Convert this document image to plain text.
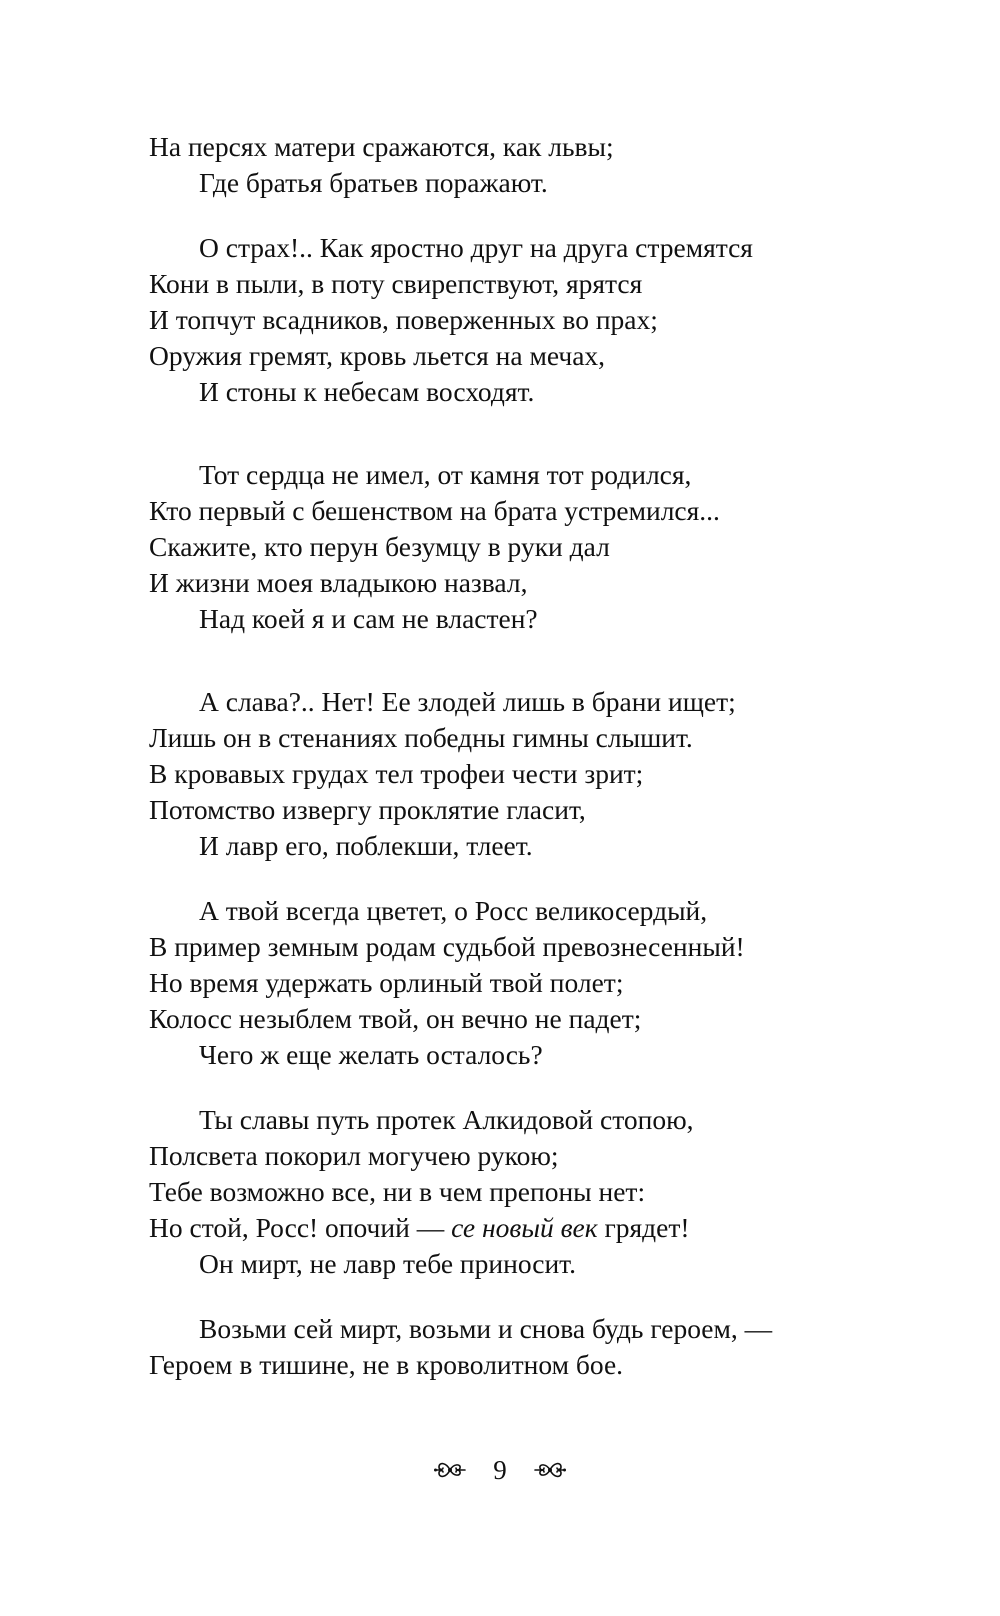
На персях матери сражаются, как львы;
Где братья братьев поражают.
О страх!.. Как яростно друг на друга стремятся
Кони в пыли, в поту свирепствуют, ярятся
И топчут всадников, поверженных во прах;
Оружия гремят, кровь льется на мечах,
И стоны к небесам восходят.
Тот сердца не имел, от камня тот родился,
Кто первый с бешенством на брата устремился...
Скажите, кто перун безумцу в руки дал
И жизни моея владыкою назвал,
Над коей я и сам не властен?
А слава?.. Нет! Ее злодей лишь в брани ищет;
Лишь он в стенаниях победны гимны слышит.
В кровавых грудах тел трофеи чести зрит;
Потомство извергу проклятие гласит,
И лавр его, поблекши, тлеет.
А твой всегда цветет, о Росс великосердый,
В пример земным родам судьбой превознесенный!
Но время удержать орлиный твой полет;
Колосс незыблем твой, он вечно не падет;
Чего ж еще желать осталось?
Ты славы путь протек Алкидовой стопою,
Полсвета покорил могучею рукою;
Тебе возможно все, ни в чем препоны нет:
Но стой, Росс! опочий — се новый век грядет!
Он мирт, не лавр тебе приносит.
Возьми сей мирт, возьми и снова будь героем, —
Героем в тишине, не в кроволитном бое.
9
